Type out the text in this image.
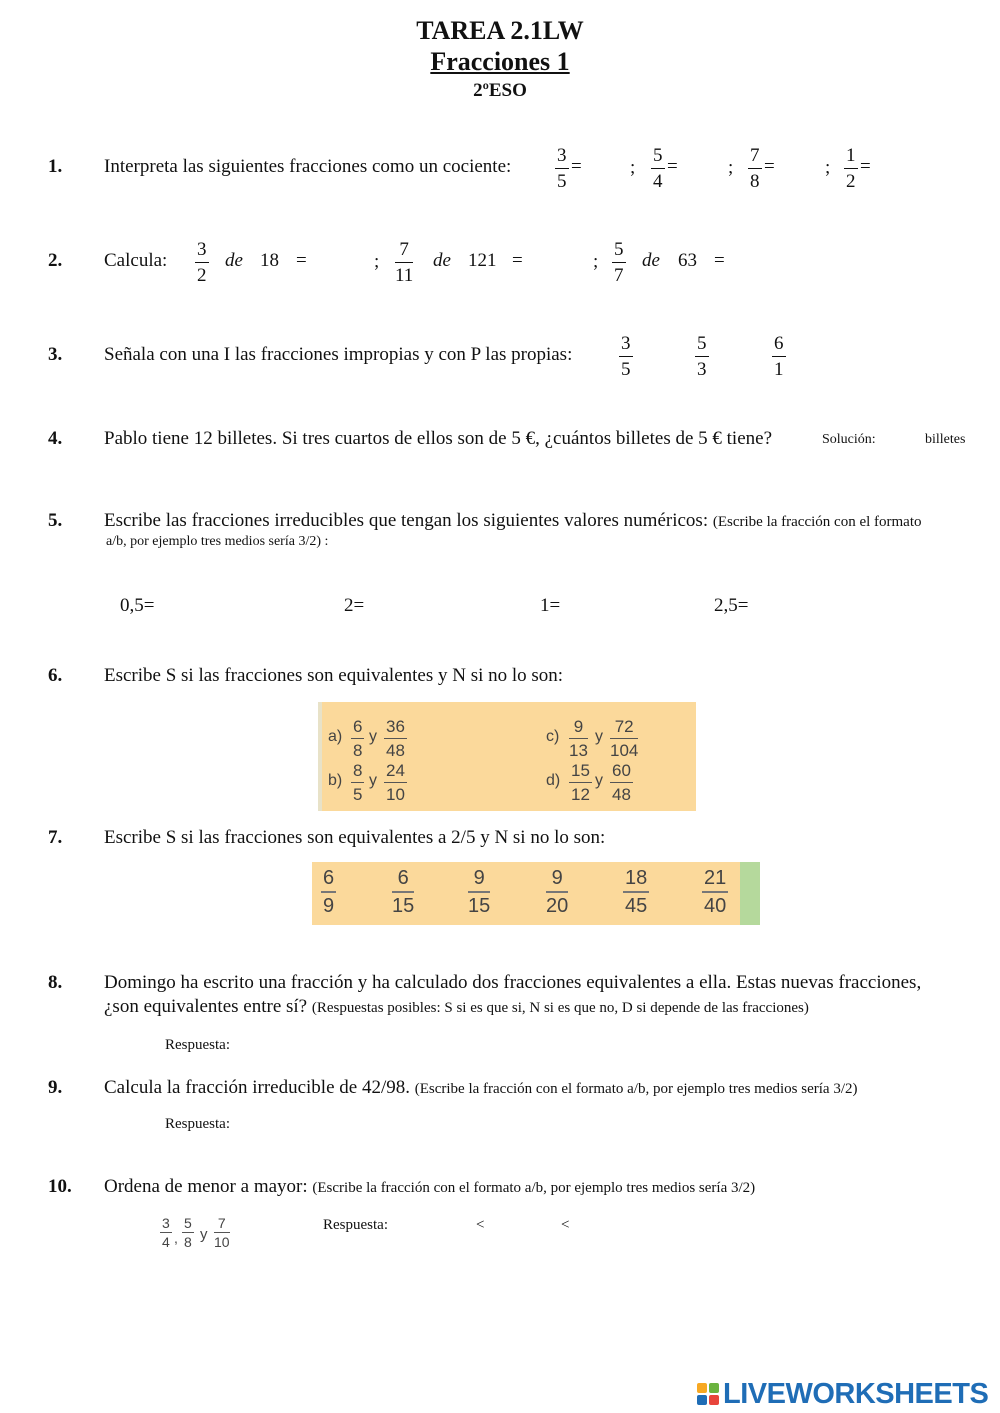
TAREA 2.1LW
Fracciones 1
2ºESO
1. Interpreta las siguientes fracciones como un cociente: $\frac{3}{5}$ =	; $\frac{5}{4}$ =	; $\frac{7}{8}$ =	; $\frac{1}{2}$ =
2. Calcula: $\frac{3}{2}$ de 18 =	; $\frac{7}{11}$ de 121 =	; $\frac{5}{7}$ de 63 =
3. Señala con una I las fracciones impropias y con P las propias: $\frac{3}{5}$	$\frac{5}{3}$	$\frac{6}{1}$
4. Pablo tiene 12 billetes. Si tres cuartos de ellos son de 5 €, ¿cuántos billetes de 5 € tiene?	Solución:	billetes
5. Escribe las fracciones irreducibles que tengan los siguientes valores numéricos: (Escribe la fracción con el formato
a/b, por ejemplo tres medios sería 3/2) :
0,5=	2=	1=	2,5=
6. Escribe S si las fracciones son equivalentes y N si no lo son:
$a) \frac{6}{8}$ y $\frac{36}{48}$
$b) \frac{8}{5}$ y $\frac{24}{10}$
$c) \frac{9}{13}$ y $\frac{72}{104}$
$d) \frac{15}{12}$ y $\frac{60}{48}$
7. Escribe S si las fracciones son equivalentes a 2/5 y N si no lo son:
$\frac{6}{9}$	$\frac{6}{15}$	$\frac{9}{15}$	$\frac{9}{20}$	$\frac{18}{45}$	$\frac{21}{40}$
8. Domingo ha escrito una fracción y ha calculado dos fracciones equivalentes a ella. Estas nuevas fracciones,
¿son equivalentes entre sí? (Respuestas posibles: S si es que si, N si es que no, D si depende de las fracciones)
Respuesta:
9. Calcula la fracción irreducible de 42/98. (Escribe la fracción con el formato a/b, por ejemplo tres medios sería 3/2)
Respuesta:
10. Ordena de menor a mayor: (Escribe la fracción con el formato a/b, por ejemplo tres medios sería 3/2)
$\frac{3}{4}$ , $\frac{5}{8}$ y $\frac{7}{10}$	Respuesta:	<	<
LIVEWORKSHEETS
